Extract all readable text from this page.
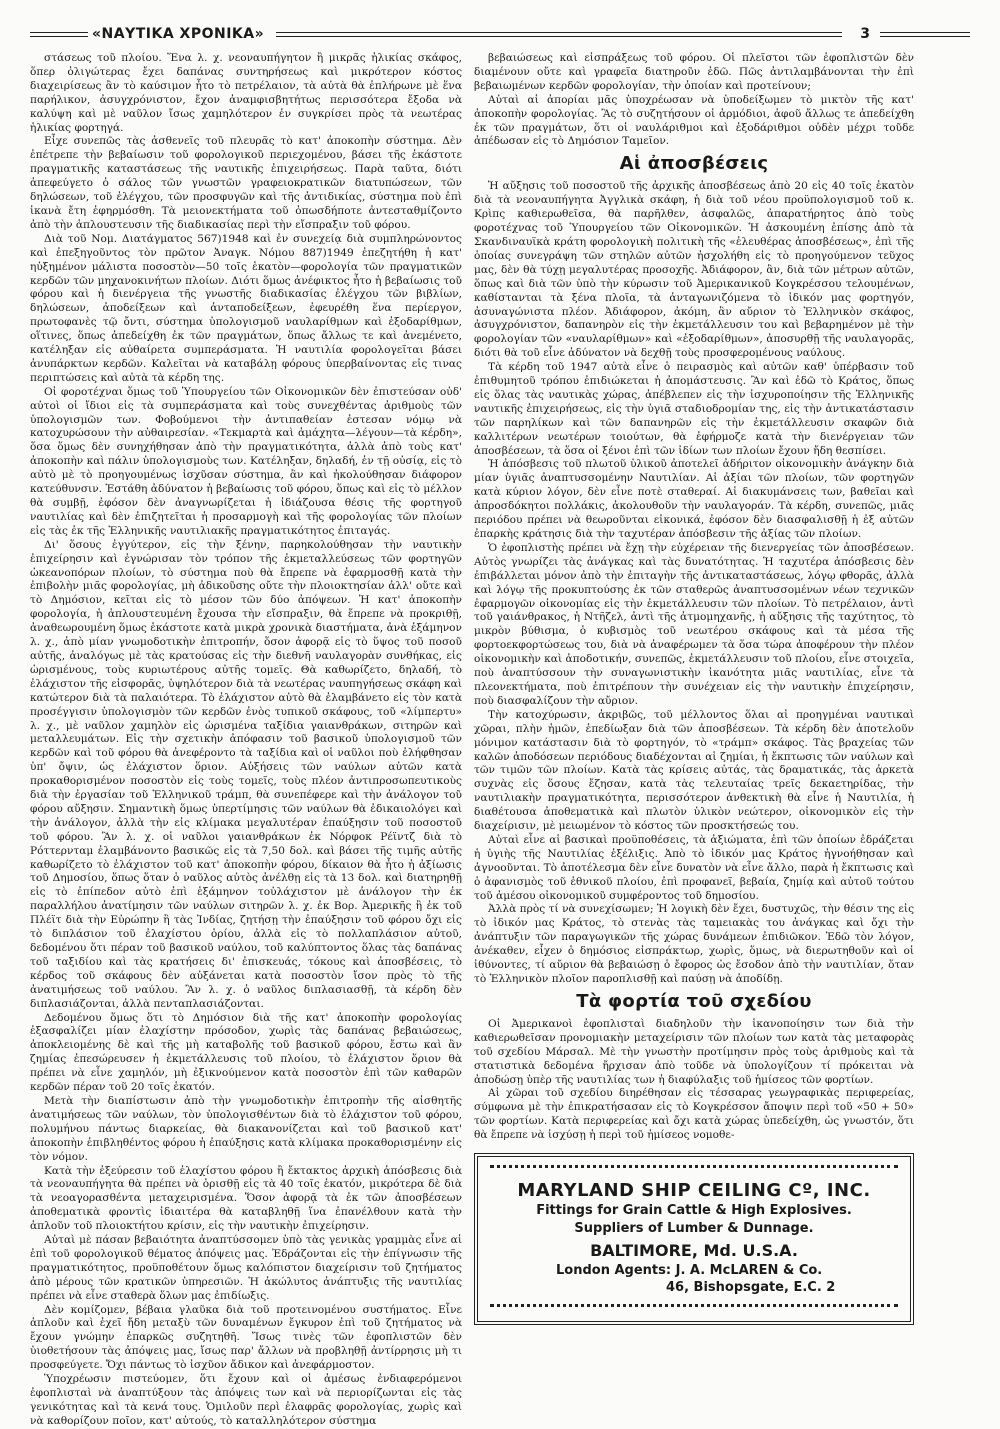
«ΝΑΥΤΙΚΑ ΧΡΟΝΙΚΑ»	3

στάσεως τοῦ πλοίου. Ἕνα λ. χ. νεοναυπήγητον ἢ μικρᾶς ἡλικίας σκάφος, ὅπερ ὀλιγώτερας ἔχει δαπάνας συντηρήσεως καὶ μικρότερον κόστος διαχειρίσεως ἂν τὸ καύσιμον ἦτο τὸ πετρέλαιον, τὰ αὐτὰ θὰ ἐπλήρωνε μὲ ἕνα παρήλικον, ἀσυγχρόνιστον, ἔχον ἀναμφισβητήτως περισσότερα ἔξοδα νὰ καλύψη καὶ μὲ ναῦλον ἴσως χαμηλότερον ἐν συγκρίσει πρὸς τὰ νεωτέρας ἡλικίας φορτηγά.

Εἶχε συνεπῶς τὰς ἀσθενεῖς τοῦ πλευρᾶς τὸ κατ' ἀποκοπὴν σύστημα. Δὲν ἐπέτρεπε τὴν βεβαίωσιν τοῦ φορολογικοῦ περιεχομένου, βάσει τῆς ἑκάστοτε πραγματικῆς καταστάσεως τῆς ναυτικῆς ἐπιχειρήσεως. Παρὰ ταῦτα, διότι ἀπεφεύγετο ὁ σάλος τῶν γνωστῶν γραφειοκρατικῶν διατυπώσεων, τῶν δηλώσεων, τοῦ ἐλέγχου, τῶν προσφυγῶν καὶ τῆς ἀντιδικίας, σύστημα ποὺ ἐπὶ ἱκανὰ ἔτη ἐφηρμόσθη. Τὰ μειονεκτήματα τοῦ ὁπωσδήποτε ἀντεσταθμίζοντο ἀπὸ τὴν ἁπλουστευσιν τῆς διαδικασίας περὶ τὴν εἴσπραξιν τοῦ φόρου.

Διὰ τοῦ Νομ. Διατάγματος 567)1948 καὶ ἐν συνεχείᾳ διὰ συμπληρώνοντος καὶ ἐπεξηγοῦντος τὸν πρῶτον Ἀναγκ. Νόμου 887)1949 ἐπεζητήθη ἡ κατ' ηὐξημένον μάλιστα ποσοστὸν—50 τοῖς ἑκατὸν—φορολογία τῶν πραγματικῶν κερδῶν τῶν μηχανοκινήτων πλοίων. Διότι ὅμως ἀνέφικτος ἦτο ἡ βεβαίωσις τοῦ φόρου καὶ ἡ διενέργεια τῆς γνωστῆς διαδικασίας ἐλέγχου τῶν βιβλίων, δηλώσεων, ἀποδείξεων καὶ ἀνταποδείξεων, ἐφευρέθη ἕνα περίεργον, πρωτοφανὲς τῷ ὄντι, σύστημα ὑπολογισμοῦ ναυλαρίθμων καὶ ἐξοδαρίθμων, οἵτινες, ὅπως ἀπεδείχθη ἐκ τῶν πραγμάτων, ὅπως ἄλλως τε καὶ ἀνεμένετο, κατέληξαν εἰς αὐθαίρετα συμπεράσματα. Ἡ ναυτιλία φορολογεῖται βάσει ἀνυπάρκτων κερδῶν. Καλεῖται νὰ καταβάλῃ φόρους ὑπερβαίνοντας εἰς τινας περιπτώσεις καὶ αὐτὰ τὰ κέρδη της.

Οἱ φοροτέχναι ὅμως τοῦ Ὑπουργείου τῶν Οἰκονομικῶν δὲν ἐπιστεύσαν οὐδ' αὐτοὶ οἱ ἴδιοι εἰς τὰ συμπεράσματα καὶ τοὺς συνεχθέντας ἀριθμοὺς τῶν ὑπολογισμῶν των. Φοβούμενοι τὴν ἀντιπαθείαν ἐστεσαν νόμῳ νὰ κατοχυρώσουν τὴν αὐθαιρεσίαν. «Τεκμαρτὰ καὶ ἁμάχητα—λέγουν—τὰ κέρδη», ὅσα ὅμως δὲν συνηχήθησαν ἀπὸ τὴν πραγματικότητα, ἀλλὰ ἀπὸ τοὺς κατ' ἀποκοπὴν καὶ πάλιν ὑπολογισμοὺς των. Κατέληξαν, δηλαδή, ἐν τῇ οὐσίᾳ, εἰς τὸ αὐτὸ μὲ τὸ προηγουμένως ἰσχῦσαν σύστημα, ἂν καὶ ἠκολούθησαν διάφορον κατεύθυνσιν. Ἐστάθη ἀδύνατον ἡ βεβαίωσις τοῦ φόρου, ὅπως καὶ εἰς τὸ μέλλον θὰ συμβῇ, ἐφόσον δὲν ἀναγνωρίζεται ἡ ἰδιάζουσα θέσις τῆς φορτηγοῦ ναυτιλίας καὶ δὲν ἐπιζητεῖται ἡ προσαρμογὴ καὶ τῆς φορολογίας τῶν πλοίων εἰς τὰς ἐκ τῆς Ἑλληνικῆς ναυτιλιακῆς πραγματικότητος ἐπιταγάς.

Δι' ὅσους ἐγγύτερον, εἰς τὴν ξένην, παρηκολούθησαν τὴν ναυτικὴν ἐπιχείρησιν καὶ ἐγνώρισαν τὸν τρόπον τῆς ἐκμεταλλεύσεως τῶν φορτηγῶν ὠκεανοπόρων πλοίων, τὸ σύστημα ποὺ θὰ ἔπρεπε νὰ ἐφαρμοσθῇ κατὰ τὴν ἐπιβολὴν μιᾶς φορολογίας, μὴ ἀδικοῦσης οὔτε τὴν πλοιοκτησίαν ἀλλ' οὔτε καὶ τὸ Δημόσιον, κεῖται εἰς τὸ μέσον τῶν δύο ἀπόψεων. Ἡ κατ' ἀποκοπὴν φορολογία, ἡ ἁπλουστευμένη ἔχουσα τὴν εἴσπραξιν, θὰ ἔπρεπε νὰ προκριθῇ, ἀναθεωρουμένη ὅμως ἑκάστοτε κατὰ μικρὰ χρονικὰ διαστήματα, ἀνὰ ἑξάμηνον λ. χ., ἀπὸ μίαν γνωμοδοτικὴν ἐπιτροπήν, ὅσον ἀφορᾷ εἰς τὸ ὕψος τοῦ ποσοῦ αὐτῆς, ἀναλόγως μὲ τὰς κρατούσας εἰς τὴν διεθνῆ ναυλαγορὰν συνθήκας, εἰς ὡρισμένους, τοὺς κυριωτέρους αὐτῆς τομεῖς. Θὰ καθωρίζετο, δηλαδή, τὸ ἐλάχιστον τῆς εἰσφορᾶς, ὑψηλότερον διὰ τὰ νεωτέρας ναυπηγήσεως σκάφη καὶ κατώτερον διὰ τὰ παλαιότερα. Τὸ ἐλάχιστον αὐτὸ θὰ ἐλαμβάνετο εἰς τὸν κατὰ προσέγγισιν ὑπολογισμὸν τῶν κερδῶν ἐνὸς τυπικοῦ σκάφους, τοῦ «λίμπερτυ» λ. χ., μὲ ναῦλον χαμηλὸν εἰς ὡρισμένα ταξίδια γαιανθράκων, σιτηρῶν καὶ μεταλλευμάτων. Εἰς τὴν σχετικὴν ἀπόφασιν τοῦ βασικοῦ ὑπολογισμοῦ τῶν κερδῶν καὶ τοῦ φόρου θὰ ἀνεφέροντο τὰ ταξίδια καὶ οἱ ναῦλοι ποὺ ἐλήφθησαν ὑπ' ὄψιν, ὡς ἐλάχιστον ὅριον. Αὐξήσεις τῶν ναύλων αὐτῶν κατὰ προκαθορισμένον ποσοστὸν εἰς τοὺς τομεῖς, τοὺς πλέον ἀντιπροσωπευτικοὺς διὰ τὴν ἐργασίαν τοῦ Ἑλληνικοῦ τράμπ, θὰ συνεπέφερε καὶ τὴν ἀνάλογον τοῦ φόρου αὔξησιν. Σημαντικὴ ὅμως ὑπερτίμησις τῶν ναύλων θὰ ἐδικαιολόγει καὶ τὴν ἀνάλογον, ἀλλὰ τὴν εἰς κλίμακα μεγαλυτέραν ἐπαύξησιν τοῦ ποσοστοῦ τοῦ φόρου. Ἂν λ. χ. οἱ ναῦλοι γαιανθράκων ἐκ Νόρφοκ Ρέϊντζ διὰ τὸ Ρόττερνταμ ἐλαμβάνοντο βασικῶς εἰς τὰ 7,50 δολ. καὶ βάσει τῆς τιμῆς αὐτῆς καθωρίζετο τὸ ἐλάχιστον τοῦ κατ' ἀποκοπὴν φόρου, δίκαιον θὰ ἦτο ἡ ἀξίωσις τοῦ Δημοσίου, ὅπως ὅταν ὁ ναῦλος αὐτὸς ἀνέλθῃ εἰς τὰ 13 δολ. καὶ διατηρηθῇ εἰς τὸ ἐπίπεδον αὐτὸ ἐπὶ ἑξάμηνον τοὐλάχιστον μὲ ἀνάλογον τὴν ἐκ παραλλήλου ἀνατίμησιν τῶν ναύλων σιτηρῶν λ. χ. ἐκ Βορ. Ἀμερικῆς ἢ ἐκ τοῦ Πλέϊτ διὰ τὴν Εὐρώπην ἢ τὰς Ἰνδίας, ζητήσῃ τὴν ἐπαύξησιν τοῦ φόρου ὄχι εἰς τὸ διπλάσιον τοῦ ἐλαχίστου ὁρίου, ἀλλὰ εἰς τὸ πολλαπλάσιον αὐτοῦ, δεδομένου ὅτι πέραν τοῦ βασικοῦ ναύλου, τοῦ καλύπτοντος ὅλας τὰς δαπάνας τοῦ ταξιδίου καὶ τὰς κρατήσεις δι' ἐπισκευάς, τόκους καὶ ἀποσβέσεις, τὸ κέρδος τοῦ σκάφους δὲν αὐξάνεται κατὰ ποσοστὸν ἴσον πρὸς τὸ τῆς ἀνατιμήσεως τοῦ ναύλου. Ἂν λ. χ. ὁ ναῦλος διπλασιασθῇ, τὰ κέρδη δὲν διπλασιάζονται, ἀλλὰ πενταπλασιάζονται.

Δεδομένου ὅμως ὅτι τὸ Δημόσιον διὰ τῆς κατ' ἀποκοπὴν φορολογίας ἐξασφαλίζει μίαν ἐλαχίστην πρόσοδον, χωρὶς τὰς δαπάνας βεβαιώσεως, ἀποκλειομένης δὲ καὶ τῆς μὴ καταβολῆς τοῦ βασικοῦ φόρου, ἔστω καὶ ἂν ζημίας ἐπεσώρευσεν ἡ ἐκμετάλλευσις τοῦ πλοίου, τὸ ἐλάχιστον ὅριον θὰ πρέπει νὰ εἶνε χαμηλόν, μὴ ἐξικνούμενον κατὰ ποσοστὸν ἐπὶ τῶν καθαρῶν κερδῶν πέραν τοῦ 20 τοῖς ἑκατόν.

Μετὰ τὴν διαπίστωσιν ἀπὸ τὴν γνωμοδοτικὴν ἐπιτροπὴν τῆς αἰσθητῆς ἀνατιμήσεως τῶν ναύλων, τὸν ὑπολογισθέντων διὰ τὸ ἐλάχιστον τοῦ φόρου, πολυμήνου πάντως διαρκείας, θὰ διακανονίζεται καὶ τοῦ βασικοῦ κατ' ἀποκοπὴν ἐπιβληθέντος φόρου ἡ ἐπαύξησις κατὰ κλίμακα προκαθορισμένην εἰς τὸν νόμον.

Κατὰ τὴν ἐξεύρεσιν τοῦ ἐλαχίστου φόρου ἢ ἔκτακτος ἀρχικὴ ἀπόσβεσις διὰ τὰ νεοναυπήγητα θὰ πρέπει νὰ ὁρισθῇ εἰς τὰ 40 τοῖς ἑκατόν, μικρότερα δὲ διὰ τὰ νεοαγορασθέντα μεταχειρισμένα. Ὅσον ἀφορᾷ τὰ ἐκ τῶν ἀποσβέσεων ἀποθεματικὰ φροντὶς ἰδιαιτέρα θὰ καταβληθῇ ἵνα ἐπανέλθουν κατὰ τὴν ἁπλοῦν τοῦ πλοιοκτήτου κρίσιν, εἰς τὴν ναυτικὴν ἐπιχείρησιν.

Αὐταὶ μὲ πάσαν βεβαιότητα ἀναπτύσσομεν ὑπὸ τὰς γενικὰς γραμμὰς εἶνε αἱ ἐπὶ τοῦ φορολογικοῦ θέματος ἀπόψεις μας. Ἐδράζονται εἰς τὴν ἐπίγνωσιν τῆς πραγματικότητος, προϋποθέτουν ὅμως καλόπιστον διαχείρισιν τοῦ ζητήματος ἀπὸ μέρους τῶν κρατικῶν ὑπηρεσιῶν. Ἡ ἀκώλυτος ἀνάπτυξις τῆς ναυτιλίας πρέπει νὰ εἶνε σταθερὰ ὅλων μας ἐπιδίωξις.

Δὲν κομίζομεν, βέβαια γλαῦκα διὰ τοῦ προτεινομένου συστήματος. Εἶνε ἁπλοῦν καὶ ἐχεῖ ἤδη μεταξὺ τῶν δυναμένων ἔγκυρον ἐπὶ τοῦ ζητήματος νὰ ἔχουν γνώμην ἐπαρκῶς συζητηθῆ. Ἴσως τινὲς τῶν ἐφοπλιστῶν δὲν ὑιοθετήσουν τὰς ἀπόψεις μας, ἴσως παρ' ἄλλων νὰ προβληθῇ ἀντίρρησις μὴ τι προσφεύγετε. Ὄχι πάντως τὸ ἰσχῦον ἄδικον καὶ ἀνεφάρμοστον.

Ὑποχρέωσιν πιστεύομεν, ὅτι ἔχουν καὶ οἱ ἀμέσως ἐνδιαφερόμενοι ἐφοπλισταὶ νὰ ἀναπτύξουν τὰς ἀπόψεις των καὶ νὰ περιορίζωνται εἰς τὰς γενικότητας καὶ τὰ κενά τους. Ὁμιλοῦν περὶ ἐλαφρᾶς φορολογίας, χωρὶς καὶ νὰ καθορίζουν ποῖον, κατ' αὐτούς, τὸ καταλληλότερον σύστημα

βεβαιώσεως καὶ εἰσπράξεως τοῦ φόρου. Οἱ πλεῖστοι τῶν ἐφοπλιστῶν δὲν διαμένουν οὔτε καὶ γραφεῖα διατηροῦν ἐδῶ. Πῶς ἀντιλαμβάνονται τὴν ἐπὶ βεβαιωμένων κερδῶν φορολογίαν, τὴν ὁποίαν καὶ προτείνουν;

Αὐταὶ αἱ ἀπορίαι μᾶς ὑποχρέωσαν νὰ ὑποδείξωμεν τὸ μικτὸν τῆς κατ' ἀποκοπὴν φορολογίας. Ἂς τὸ συζητήσουν οἱ ἁρμόδιοι, ἀφοῦ ἄλλως τε ἀπεδείχθη ἐκ τῶν πραγμάτων, ὅτι οἱ ναυλάριθμοι καὶ ἐξοδάριθμοι οὐδὲν μέχρι τοῦδε ἀπέδωσαν εἰς τὸ Δημόσιον Ταμεῖον.

Αἱ ἀποσβέσεις

Ἡ αὔξησις τοῦ ποσοστοῦ τῆς ἀρχικῆς ἀποσβέσεως ἀπὸ 20 εἰς 40 τοῖς ἑκατὸν διὰ τὰ νεοναυπήγητα Ἀγγλικὰ σκάφη, ἡ διὰ τοῦ νέου προϋπολογισμοῦ τοῦ κ. Κρὶπς καθιερωθεῖσα, θὰ παρῆλθεν, ἀσφαλῶς, ἀπαρατήρητος ἀπὸ τοὺς φοροτέχνας τοῦ Ὑπουργείου τῶν Οἰκονομικῶν. Ἡ ἀσκουμένη ἐπίσης ἀπὸ τὰ Σκανδιναυϊκὰ κράτη φορολογικὴ πολιτικὴ τῆς «ἐλευθέρας ἀποσβέσεως», ἐπὶ τῆς ὁποίας συνεγράψη τῶν στηλῶν αὐτῶν ἠσχολήθη εἰς τὸ προηγούμενον τεῦχος μας, δὲν θὰ τύχῃ μεγαλυτέρας προσοχῆς. Ἀδιάφορον, ἂν, διὰ τῶν μέτρων αὐτῶν, ὅπως καὶ διὰ τῶν ὑπὸ τὴν κύρωσιν τοῦ Ἀμερικανικοῦ Κογκρέσσου τελουμένων, καθίστανται τὰ ξένα πλοῖα, τὰ ἀνταγωνιζόμενα τὸ ἰδικόν μας φορτηγόν, ἀσυναγώνιστα πλέον. Ἀδιάφορον, ἀκόμη, ἂν αὔριον τὸ Ἑλληνικὸν σκάφος, ἀσυγχρόνιστον, δαπανηρὸν εἰς τὴν ἐκμετάλλευσιν του καὶ βεβαρημένον μὲ τὴν φορολογίαν τῶν «ναυλαρίθμων» καὶ «ἐξοδαρίθμων», ἀποσυρθῇ τῆς ναυλαγορᾶς, διότι θὰ τοῦ εἶνε ἀδύνατον νὰ δεχθῇ τοὺς προσφερομένους ναύλους.

Τὰ κέρδη τοῦ 1947 αὐτὰ εἶνε ὁ πειρασμὸς καὶ αὐτῶν καθ' ὑπέρβασιν τοῦ ἐπιθυμητοῦ τρόπου ἐπιδιώκεται ἡ ἀπομάστευσις. Ἂν καὶ ἐδῶ τὸ Κράτος, ὅπως εἰς ὅλας τὰς ναυτικὰς χώρας, ἀπέβλεπεν εἰς τὴν ἰσχυροποίησιν τῆς Ἑλληνικῆς ναυτικῆς ἐπιχειρήσεως, εἰς τὴν ὑγιᾶ σταδιοδρομίαν της, εἰς τὴν ἀντικατάστασιν τῶν παρηλίκων καὶ τῶν δαπανηρῶν εἰς τὴν ἐκμετάλλευσιν σκαφῶν διὰ καλλιτέρων νεωτέρων τοιούτων, θὰ ἐφήρμοζε κατὰ τὴν διενέργειαν τῶν ἀποσβέσεων, τὰ ὅσα οἱ ξένοι ἐπὶ τῶν ἰδίων των πλοίων ἔχουν ἤδη θεσπίσει.

Ἡ ἀπόσβεσις τοῦ πλωτοῦ ὑλικοῦ ἀποτελεῖ ἀδήριτον οἰκονομικὴν ἀνάγκην διὰ μίαν ὑγιᾶς ἀναπτυσσομένην Ναυτιλίαν. Αἱ ἀξίαι τῶν πλοίων, τῶν φορτηγῶν κατὰ κύριον λόγον, δὲν εἶνε ποτὲ σταθεραί. Αἱ διακυμάνσεις των, βαθεῖαι καὶ ἀπροσδόκητοι πολλάκις, ἀκολουθοῦν τὴν ναυλαγοράν. Τὰ κέρδη, συνεπῶς, μιᾶς περιόδου πρέπει νὰ θεωροῦνται εἰκονικά, ἐφόσον δὲν διασφαλισθῇ ἡ ἐξ αὐτῶν ἐπαρκὴς κράτησις διὰ τὴν ταχυτέραν ἀπόσβεσιν τῆς ἀξίας τῶν πλοίων.

Ὁ ἐφοπλιστὴς πρέπει νὰ ἔχῃ τὴν εὐχέρειαν τῆς διενεργείας τῶν ἀποσβέσεων. Αὐτὸς γνωρίζει τὰς ἀνάγκας καὶ τὰς δυνατότητας. Ἡ ταχυτέρα ἀπόσβεσις δὲν ἐπιβάλλεται μόνον ἀπὸ τὴν ἐπιταγὴν τῆς ἀντικαταστάσεως, λόγῳ φθορᾶς, ἀλλὰ καὶ λόγῳ τῆς προκυπτούσης ἐκ τῶν σταθερῶς ἀναπτυσσομένων νέων τεχνικῶν ἐφαρμογῶν οἰκονομίας εἰς τὴν ἐκμετάλλευσιν τῶν πλοίων. Τὸ πετρέλαιον, ἀντὶ τοῦ γαιάνθρακος, ἡ Ντῆζελ, ἀντὶ τῆς ἀτμομηχανῆς, ἡ αὔξησις τῆς ταχύτητος, τὸ μικρὸν βύθισμα, ὁ κυβισμὸς τοῦ νεωτέρου σκάφους καὶ τὰ μέσα τῆς φορτοεκφορτώσεως του, διὰ νὰ ἀναφέρωμεν τὰ ὅσα τώρα ἀποφέρουν τὴν πλέον οἰκονομικὴν καὶ ἀποδοτικήν, συνεπῶς, ἐκμετάλλευσιν τοῦ πλοίου, εἶνε στοιχεῖα, ποὺ ἀναπτύσσουν τὴν συναγωνιστικὴν ἱκανότητα μιᾶς ναυτιλίας, εἶνε τὰ πλεονεκτήματα, ποὺ ἐπιτρέπουν τὴν συνέχειαν εἰς τὴν ναυτικὴν ἐπιχείρησιν, ποὺ διασφαλίζουν τὴν αὔριον.

Τὴν κατοχύρωσιν, ἀκριβῶς, τοῦ μέλλοντος ὅλαι αἱ προηγμέναι ναυτικαὶ χῶραι, πλὴν ἡμῶν, ἐπεδίωξαν διὰ τῶν ἀποσβέσεων. Τὰ κέρδη δὲν ἀποτελοῦν μόνιμον κατάστασιν διὰ τὸ φορτηγόν, τὸ «τράμπ» σκάφος. Τὰς βραχείας τῶν καλῶν ἀποδόσεων περιόδους διαδέχονται αἱ ζημίαι, ἡ ἔκπτωσις τῶν ναύλων καὶ τῶν τιμῶν τῶν πλοίων. Κατὰ τὰς κρίσεις αὐτάς, τὰς δραματικάς, τὰς ἀρκετὰ συχνὰς εἰς ὅσους ἔζησαν, κατὰ τὰς τελευταίας τρεῖς δεκαετηρίδας, τὴν ναυτιλιακὴν πραγματικότητα, περισσότερον ἀνθεκτικὴ θὰ εἶνε ἡ Ναυτιλία, ἡ διαθέτουσα ἀποθεματικὰ καὶ πλωτὸν ὑλικὸν νεώτερον, οἰκονομικὸν εἰς τὴν διαχείρισιν, μὲ μειωμένον τὸ κόστος τῶν προσκτήσεώς του.

Αὐταὶ εἶνε αἱ βασικαὶ προϋποθέσεις, τὰ ἀξιώματα, ἐπὶ τῶν ὁποίων ἐδράζεται ἡ ὑγιὴς τῆς Ναυτιλίας ἐξέλιξις. Ἀπὸ τὸ ἰδικόν μας Κράτος ἠγνοήθησαν καὶ ἀγνοοῦνται. Τὸ ἀποτέλεσμα δὲν εἶνε δυνατὸν νὰ εἶνε ἄλλο, παρὰ ἡ ἔκπτωσις καὶ ὁ ἀφανισμὸς τοῦ ἐθνικοῦ πλοίου, ἐπὶ προφανεῖ, βεβαία, ζημίᾳ καὶ αὐτοῦ τούτου τοῦ ἀμέσου οἰκονομικοῦ συμφέροντος τοῦ δημοσίου.

Ἀλλὰ πρὸς τί νὰ συνεχίσωμεν; Ἡ λογικὴ δὲν ἔχει, δυστυχῶς, τὴν θέσιν της εἰς τὸ ἰδικόν μας Κράτος, τὸ στενὰς τὰς ταμειακὰς του ἀνάγκας καὶ ὄχι τὴν ἀνάπτυξιν τῶν παραγωγικῶν τῆς χώρας δυνάμεων ἐπιδιῶκον. Ἐδῶ τὸν λόγον, ἀνέκαθεν, εἶχεν ὁ δημόσιος εἰσπράκτωρ, χωρὶς, ὅμως, νὰ διερωτηθοῦν καὶ οἱ ἰθύνοντες, τί αὔριον θὰ βεβαιώσῃ ὁ ἔφορος ὡς ἔσοδον ἀπὸ τὴν ναυτιλίαν, ὅταν τὸ Ἑλληνικὸν πλοῖον παροπλισθῇ καὶ παύσῃ νὰ ἀποδίδῃ.

Τὰ φορτία τοῦ σχεδίου

Οἱ Ἀμερικανοὶ ἐφοπλισταὶ διαδηλοῦν τὴν ἱκανοποίησιν των διὰ τὴν καθιερωθεῖσαν προνομιακὴν μεταχείρισιν τῶν πλοίων των κατὰ τὰς μεταφορὰς τοῦ σχεδίου Μάρσαλ. Μὲ τὴν γνωστὴν προτίμησιν πρὸς τοὺς ἀριθμοὺς καὶ τὰ στατιστικὰ δεδομένα ἤρχισαν ἀπὸ τοῦδε νὰ ὑπολογίζουν τί πρόκειται νὰ ἀποδώσῃ ὑπὲρ τῆς ναυτιλίας των ἡ διαφύλαξις τοῦ ἡμίσεος τῶν φορτίων.

Αἱ χῶραι τοῦ σχεδίου διηρέθησαν εἰς τέσσαρας γεωγραφικὰς περιφερείας, σύμφωνα μὲ τὴν ἐπικρατήσασαν εἰς τὸ Κογκρέσσον ἄποψιν περὶ τοῦ «50 + 50» τῶν φορτίων. Κατὰ περιφερείας καὶ ὄχι κατὰ χώρας ὑπεδείχθη, ὡς γνωστόν, ὅτι θὰ ἔπρεπε νὰ ἰσχύσῃ ἡ περὶ τοῦ ἡμίσεος νομοθε-

MARYLAND SHIP CEILING Cº, INC.
Fittings for Grain Cattle & High Explosives.
Suppliers of Lumber & Dunnage.
BALTIMORE, Md. U.S.A.
London Agents: J. A. McLAREN & Co.
46, Bishopsgate, E.C. 2
